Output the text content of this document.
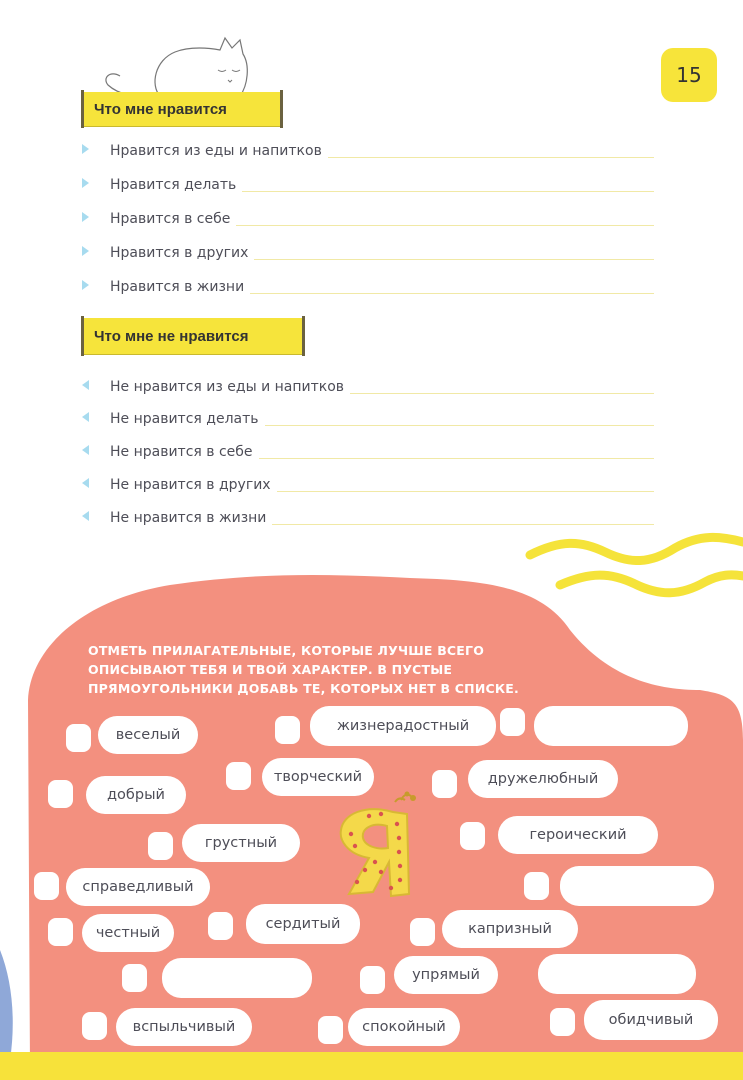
15
Что мне нравится
Нравится из еды и напитков
Нравится делать
Нравится в себе
Нравится в других
Нравится в жизни
Что мне не нравится
Не нравится из еды и напитков
Не нравится делать
Не нравится в себе
Не нравится в других
Не нравится в жизни
ОТМЕТЬ ПРИЛАГАТЕЛЬНЫЕ, КОТОРЫЕ ЛУЧШЕ ВСЕГО ОПИСЫВАЮТ ТЕБЯ И ТВОЙ ХАРАКТЕР. В ПУСТЫЕ ПРЯМОУГОЛЬНИКИ ДОБАВЬ ТЕ, КОТОРЫХ НЕТ В СПИСКЕ.
веселый
жизнерадостный
творческий	дружелюбный
добрый
грустный	героический
справедливый
сердитый
честный	капризный
упрямый
вспыльчивый	спокойный	обидчивый
